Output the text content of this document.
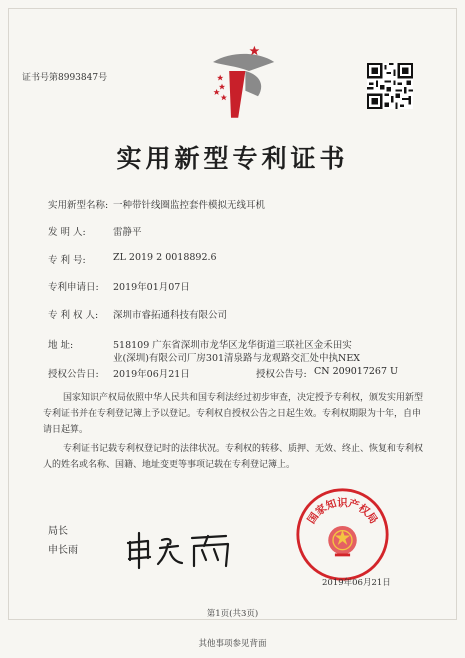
证书号第8993847号
实用新型专利证书
实用新型名称: 一种带针线圈监控套件模拟无线耳机
发 明 人:	雷静平
专 利 号:	ZL 2019 2 0018892.6
专利申请日: 2019年01月07日
专 利 权 人: 深圳市睿拓通科技有限公司
地 址:	518109 广东省深圳市龙华区龙华街道三联社区金禾田实
业(深圳)有限公司厂房301清泉路与龙观路交汇处中执NEX
授权公告日: 2019年06月21日	授权公告号: CN 209017267 U
国家知识产权局依照中华人民共和国专利法经过初步审查，决定授予专利权，颁发实用新型专利证书并在专利登记簿上予以登记。专利权自授权公告之日起生效。专利权期限为十年，自申请日起算。
专利证书记载专利权登记时的法律状况。专利权的转移、质押、无效、终止、恢复和专利权人的姓名或名称、国籍、地址变更等事项记载在专利登记簿上。
局长
申长雨
国家知识产权局
2019年06月21日
第1页(共3页)
其他事项参见背面
